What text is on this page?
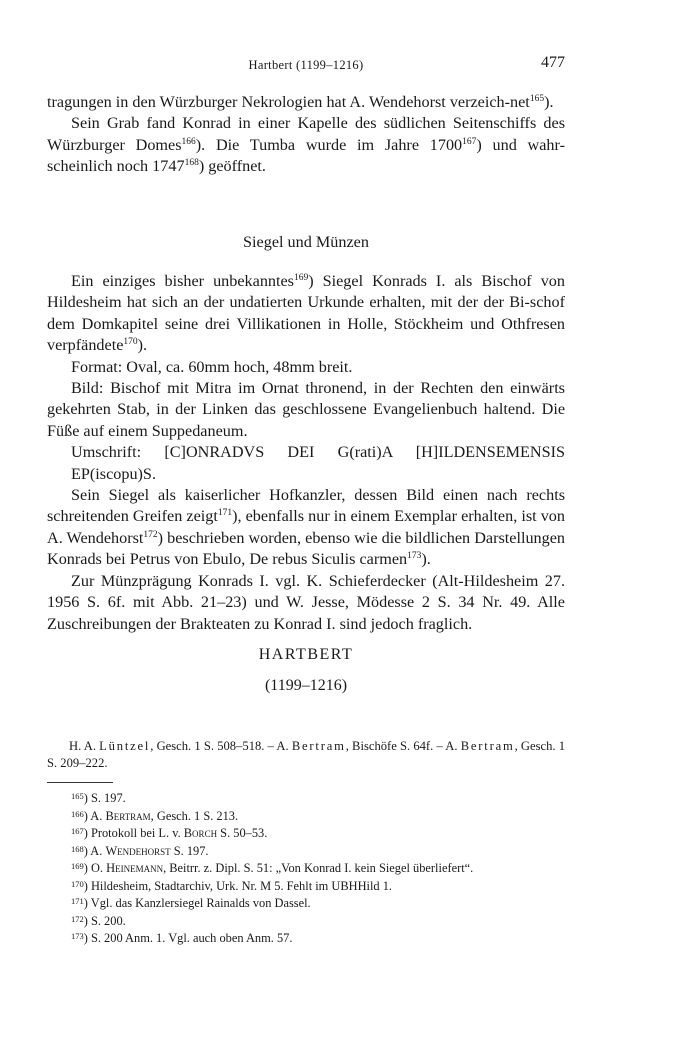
Hartbert (1199–1216)	477

tragungen in den Würzburger Nekrologien hat A. Wendehorst verzeich-net$^{165}$).

Sein Grab fand Konrad in einer Kapelle des südlichen Seitenschiffs des Würzburger Domes$^{166}$). Die Tumba wurde im Jahre 1700$^{167}$) und wahr-scheinlich noch 1747$^{168}$) geöffnet.

Siegel und Münzen

Ein einziges bisher unbekanntes$^{169}$) Siegel Konrads I. als Bischof von Hildesheim hat sich an der undatierten Urkunde erhalten, mit der der Bi-schof dem Domkapitel seine drei Villikationen in Holle, Stöckheim und Othfresen verpfändete$^{170}$).

Format: Oval, ca. 60mm hoch, 48mm breit.

Bild: Bischof mit Mitra im Ornat thronend, in der Rechten den einwärts gekehrten Stab, in der Linken das geschlossene Evangelienbuch haltend. Die Füße auf einem Suppedaneum.

Umschrift: [C]ONRADVS DEI G(rati)A [H]ILDENSEMENSIS

EP(iscopu)S.

Sein Siegel als kaiserlicher Hofkanzler, dessen Bild einen nach rechts schreitenden Greifen zeigt$^{171}$), ebenfalls nur in einem Exemplar erhalten, ist von A. Wendehorst$^{172}$) beschrieben worden, ebenso wie die bildlichen Darstellungen Konrads bei Petrus von Ebulo, De rebus Siculis carmen$^{173}$).

Zur Münzprägung Konrads I. vgl. K. Schieferdecker (Alt-Hildesheim 27. 1956 S. 6f. mit Abb. 21–23) und W. Jesse, Mödesse 2 S. 34 Nr. 49. Alle Zuschreibungen der Brakteaten zu Konrad I. sind jedoch fraglich.

HARTBERT
(1199–1216)
H. A. Lüntzel, Gesch. 1 S. 508–518. – A. Bertram, Bischöfe S. 64f. – A. Bertram, Gesch. 1 S. 209–222.
$^{165}$) S. 197.
$^{166}$) A. Bertram, Gesch. 1 S. 213.
$^{167}$) Protokoll bei L. v. Borch S. 50–53.
$^{168}$) A. Wendehorst S. 197.
$^{169}$) O. Heinemann, Beitrr. z. Dipl. S. 51: „Von Konrad I. kein Siegel überliefert“.
$^{170}$) Hildesheim, Stadtarchiv, Urk. Nr. M 5. Fehlt im UBHHild 1.
$^{171}$) Vgl. das Kanzlersiegel Rainalds von Dassel.
$^{172}$) S. 200.
$^{173}$) S. 200 Anm. 1. Vgl. auch oben Anm. 57.
